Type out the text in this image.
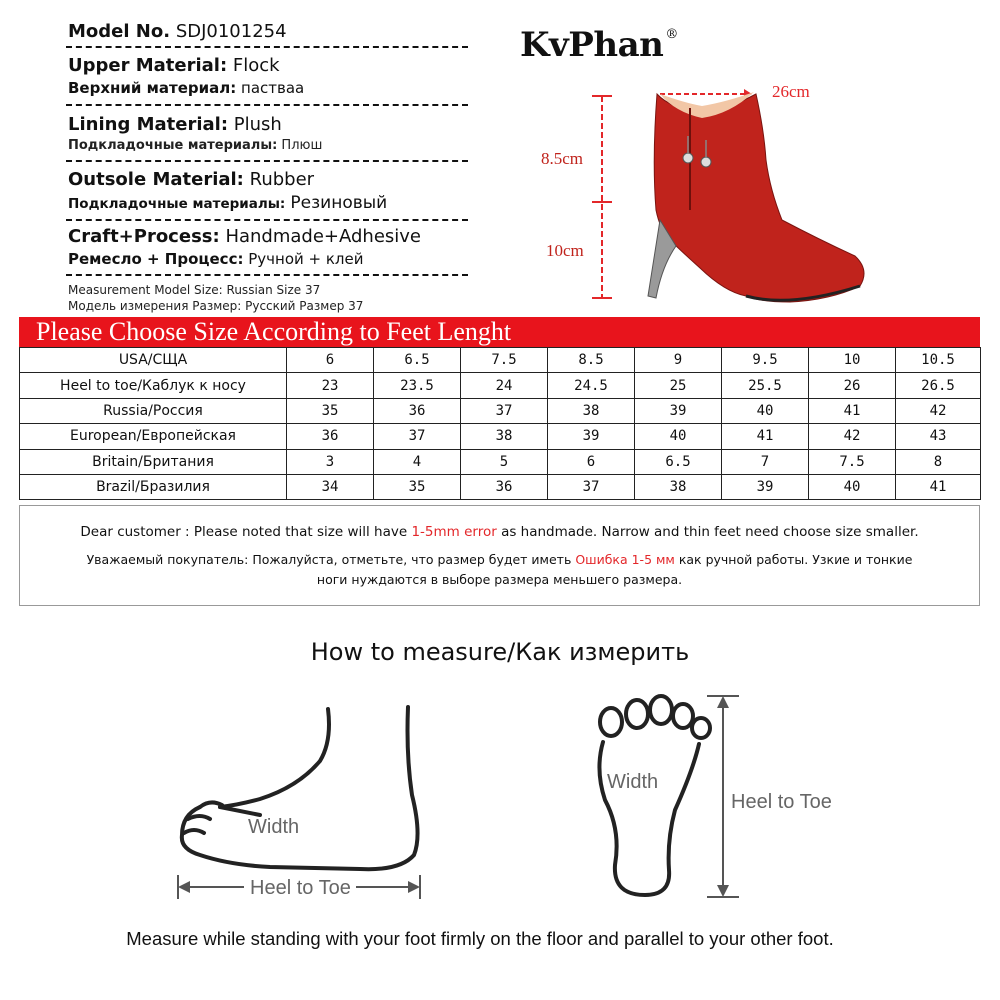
Model No. SDJ0101254
Upper Material: Flock
Верхний материал: пастваа
Lining Material: Plush
Подкладочные материалы: Плюш
Outsole Material: Rubber
Подкладочные материалы: Резиновый
Craft+Process: Handmade+Adhesive
Ремесло + Процесс: Ручной + клей
Measurement Model Size: Russian Size 37
Модель измерения Размер: Русский Размер 37
KvPhan ®
26cm
8.5cm
10cm
Please Choose Size According to Feet Lenght
USA/СЩА	6	6.5	7.5	8.5	9	9.5	10	10.5
Heel to toe/Каблук к носу	23	23.5	24	24.5	25	25.5	26	26.5
Russia/Россия	35	36	37	38	39	40	41	42
European/Европейская	36	37	38	39	40	41	42	43
Britain/Британия	3	4	5	6	6.5	7	7.5	8
Brazil/Бразилия	34	35	36	37	38	39	40	41
Dear customer : Please noted that size will have 1-5mm error as handmade. Narrow and thin feet need choose size smaller.
Уважаемый покупатель: Пожалуйста, отметьте, что размер будет иметь Ошибка 1-5 мм как ручной работы. Узкие и тонкие
ноги нуждаются в выборе размера меньшего размера.
How to measure/Как измерить
Width
Heel to Toe
Width
Heel to Toe
Measure while standing with your foot firmly on the floor and parallel to your other foot.
